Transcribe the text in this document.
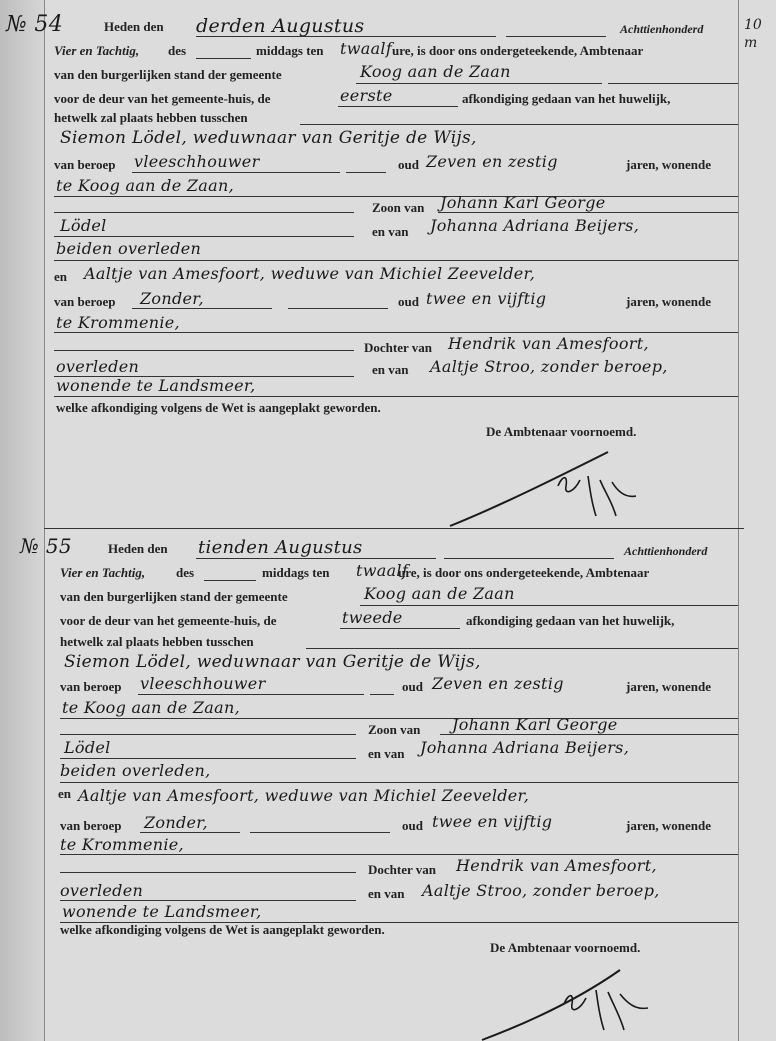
10
m
№ 54	Heden den derden Augustus	Achttienhonderd
Vier en Tachtig, des	middags ten twaalf ure, is door ons ondergeteekende, Ambtenaar
van den burgerlijken stand der gemeente	Koog aan de Zaan
voor de deur van het gemeente-huis, de	eerste	afkondiging gedaan van het huwelijk,
hetwelk zal plaats hebben tusschen
Siemon Lödel, weduwnaar van Geritje de Wijs,
van beroep vleeschhouwer	oud Zeven en zestig	jaren, wonende
te Koog aan de Zaan,
Zoon van Johann Karl George
Lödel	en van Johanna Adriana Beijers,
beiden overleden
en Aaltje van Amesfoort, weduwe van Michiel Zeevelder,
van beroep Zonder,	oud twee en vijftig	jaren, wonende
te Krommenie,
Dochter van Hendrik van Amesfoort,
overleden	en van Aaltje Stroo, zonder beroep,
wonende te Landsmeer,
welke afkondiging volgens de Wet is aangeplakt geworden.
De Ambtenaar voornoemd.
№ 55	Heden den tienden Augustus	Achttienhonderd
Vier en Tachtig, des	middags ten twaalf
ure, is door ons ondergeteekende, Ambtenaar
van den burgerlijken stand der gemeente	Koog aan de Zaan
voor de deur van het gemeente-huis, de	tweede	afkondiging gedaan van het huwelijk,
hetwelk zal plaats hebben tusschen
Siemon Lödel, weduwnaar van Geritje de Wijs,
van beroep vleeschhouwer	oud Zeven en zestig	jaren, wonende
te Koog aan de Zaan,
Zoon van Johann Karl George
Lödel	en van Johanna Adriana Beijers,
beiden overleden,
en Aaltje van Amesfoort, weduwe van Michiel Zeevelder,
van beroep Zonder,	oud twee en vijftig	jaren, wonende
te Krommenie,
Dochter van Hendrik van Amesfoort,
overleden	en van Aaltje Stroo, zonder beroep,
wonende te Landsmeer,
welke afkondiging volgens de Wet is aangeplakt geworden.
De Ambtenaar voornoemd.
